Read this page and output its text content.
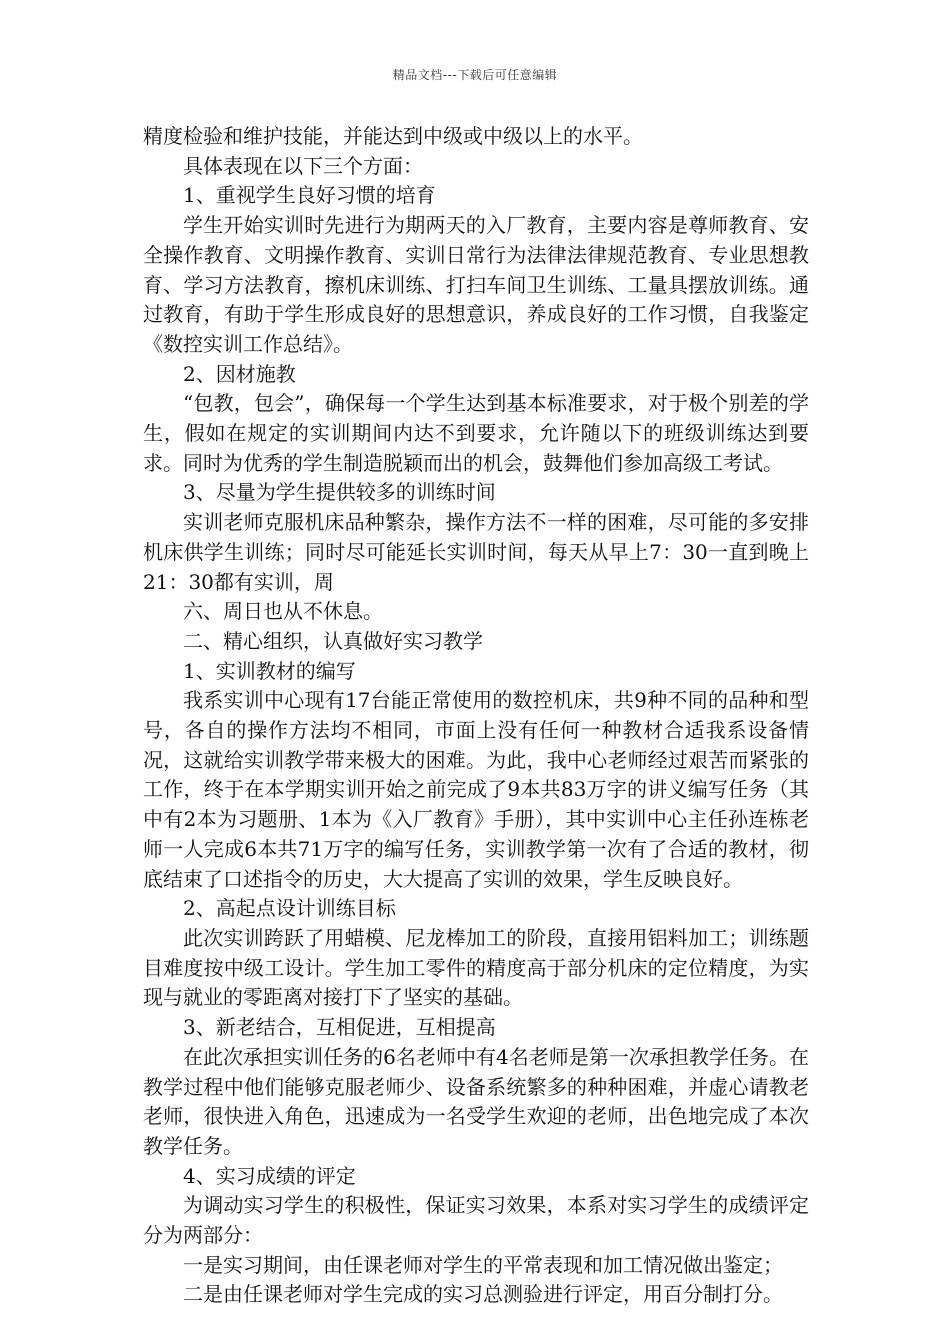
精品文档---下载后可任意编辑

精度检验和维护技能，并能达到中级或中级以上的水平。

具体表现在以下三个方面：

1、重视学生良好习惯的培育

学生开始实训时先进行为期两天的入厂教育，主要内容是尊师教育、安全操作教育、文明操作教育、实训日常行为法律法律规范教育、专业思想教育、学习方法教育，擦机床训练、打扫车间卫生训练、工量具摆放训练。通过教育，有助于学生形成良好的思想意识，养成良好的工作习惯，自我鉴定《数控实训工作总结》。

2、因材施教

“包教，包会”，确保每一个学生达到基本标准要求，对于极个别差的学生，假如在规定的实训期间内达不到要求，允许随以下的班级训练达到要求。同时为优秀的学生制造脱颖而出的机会，鼓舞他们参加高级工考试。

3、尽量为学生提供较多的训练时间

实训老师克服机床品种繁杂，操作方法不一样的困难，尽可能的多安排机床供学生训练；同时尽可能延长实训时间，每天从早上7：30一直到晚上21：30都有实训，周

六、周日也从不休息。

二、精心组织，认真做好实习教学

1、实训教材的编写

我系实训中心现有17台能正常使用的数控机床，共9种不同的品种和型号，各自的操作方法均不相同，市面上没有任何一种教材合适我系设备情况，这就给实训教学带来极大的困难。为此，我中心老师经过艰苦而紧张的工作，终于在本学期实训开始之前完成了9本共83万字的讲义编写任务（其中有2本为习题册、1本为《入厂教育》手册），其中实训中心主任孙连栋老师一人完成6本共71万字的编写任务，实训教学第一次有了合适的教材，彻底结束了口述指令的历史，大大提高了实训的效果，学生反映良好。

2、高起点设计训练目标

此次实训跨跃了用蜡模、尼龙棒加工的阶段，直接用铝料加工；训练题目难度按中级工设计。学生加工零件的精度高于部分机床的定位精度，为实现与就业的零距离对接打下了坚实的基础。

3、新老结合，互相促进，互相提高

在此次承担实训任务的6名老师中有4名老师是第一次承担教学任务。在教学过程中他们能够克服老师少、设备系统繁多的种种困难，并虚心请教老老师，很快进入角色，迅速成为一名受学生欢迎的老师，出色地完成了本次教学任务。

4、实习成绩的评定

为调动实习学生的积极性，保证实习效果，本系对实习学生的成绩评定分为两部分：

一是实习期间，由任课老师对学生的平常表现和加工情况做出鉴定；

二是由任课老师对学生完成的实习总测验进行评定，用百分制打分。
